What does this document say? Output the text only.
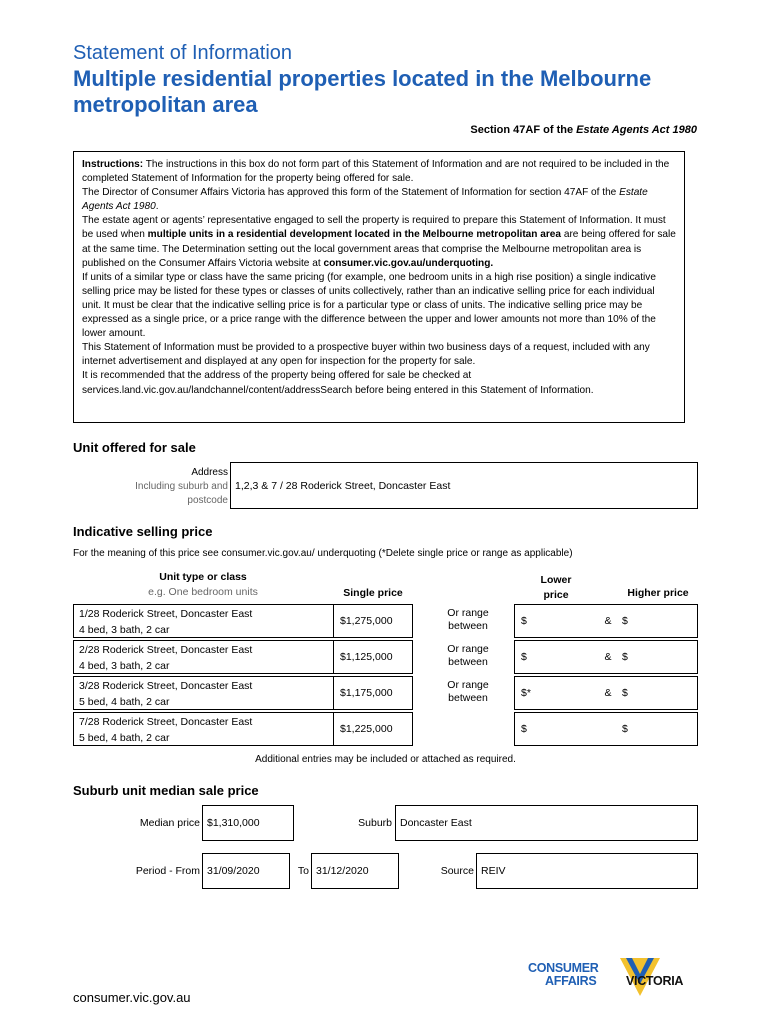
Statement of Information
Multiple residential properties located in the Melbourne metropolitan area
Section 47AF of the Estate Agents Act 1980

Instructions: The instructions in this box do not form part of this Statement of Information and are not required to be included in the completed Statement of Information for the property being offered for sale.

The Director of Consumer Affairs Victoria has approved this form of the Statement of Information for section 47AF of the Estate Agents Act 1980.

The estate agent or agents’ representative engaged to sell the property is required to prepare this Statement of Information. It must be used when multiple units in a residential development located in the Melbourne metropolitan area are being offered for sale at the same time. The Determination setting out the local government areas that comprise the Melbourne metropolitan area is published on the Consumer Affairs Victoria website at consumer.vic.gov.au/underquoting.

If units of a similar type or class have the same pricing (for example, one bedroom units in a high rise position) a single indicative selling price may be listed for these types or classes of units collectively, rather than an indicative selling price for each individual unit. It must be clear that the indicative selling price is for a particular type or class of units. The indicative selling price may be expressed as a single price, or a price range with the difference between the upper and lower amounts not more than 10% of the lower amount.

This Statement of Information must be provided to a prospective buyer within two business days of a request, included with any internet advertisement and displayed at any open for inspection for the property for sale.

It is recommended that the address of the property being offered for sale be checked at services.land.vic.gov.au/landchannel/content/addressSearch before being entered in this Statement of Information.

Unit offered for sale
Address
Including suburb and
postcode
1,2,3 & 7 / 28 Roderick Street, Doncaster East
Indicative selling price
For the meaning of this price see consumer.vic.gov.au/ underquoting (*Delete single price or range as applicable)
Unit type or class
e.g. One bedroom units	Single price
Lower
price	Higher price
1/28 Roderick Street, Doncaster East
4 bed, 3 bath, 2 car
$1,275,000
Or range
between	$	&	$
2/28 Roderick Street, Doncaster East
4 bed, 3 bath, 2 car
$1,125,000
Or range
between	$	&	$
3/28 Roderick Street, Doncaster East
5 bed, 4 bath, 2 car
$1,175,000
Or range
between	$*	&	$
7/28 Roderick Street, Doncaster East
5 bed, 4 bath, 2 car
$1,225,000	$	$
Additional entries may be included or attached as required.
Suburb unit median sale price
Median price $1,310,000	Suburb Doncaster East
Period - From 31/09/2020	To 31/12/2020	Source REIV
consumer.vic.gov.au
CONSUMER
AFFAIRS VICTORIA
